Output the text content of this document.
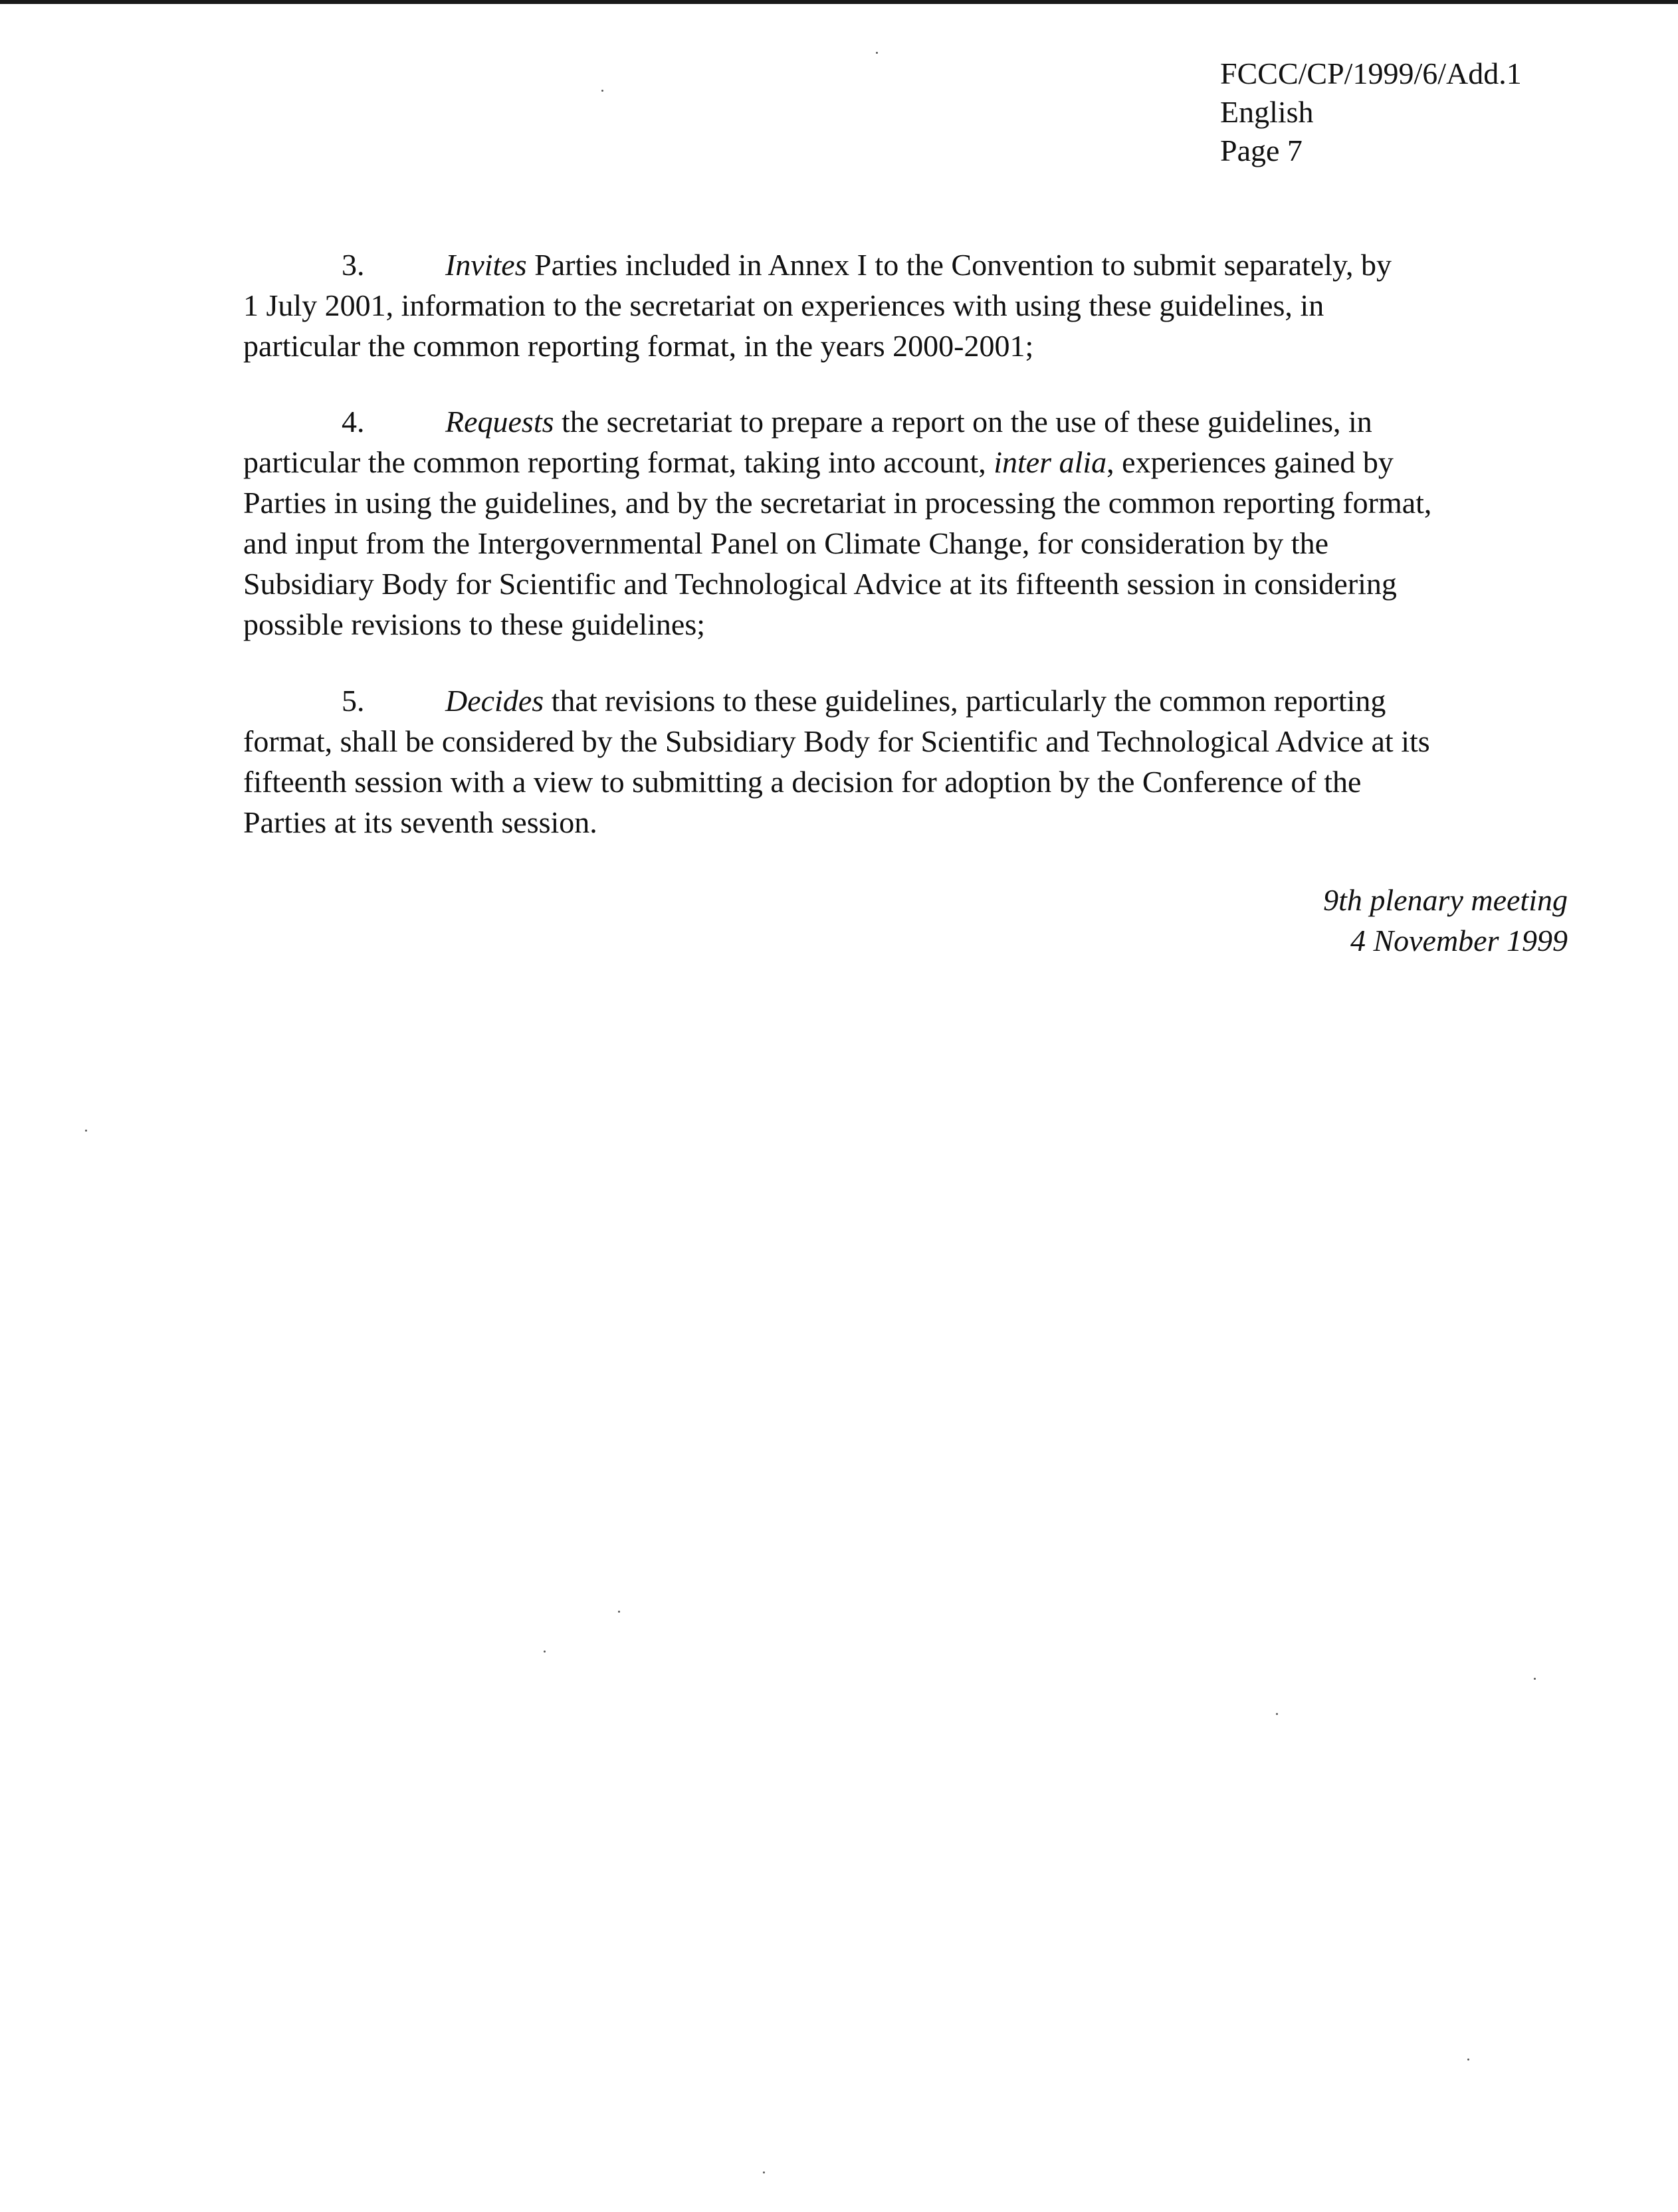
FCCC/CP/1999/6/Add.1
English
Page 7
3.	Invites Parties included in Annex I to the Convention to submit separately, by
1 July 2001, information to the secretariat on experiences with using these guidelines, in
particular the common reporting format, in the years 2000-2001;
4.	Requests the secretariat to prepare a report on the use of these guidelines, in
particular the common reporting format, taking into account, inter alia, experiences gained by
Parties in using the guidelines, and by the secretariat in processing the common reporting format,
and input from the Intergovernmental Panel on Climate Change, for consideration by the
Subsidiary Body for Scientific and Technological Advice at its fifteenth session in considering
possible revisions to these guidelines;
5.	Decides that revisions to these guidelines, particularly the common reporting
format, shall be considered by the Subsidiary Body for Scientific and Technological Advice at its
fifteenth session with a view to submitting a decision for adoption by the Conference of the
Parties at its seventh session.
9th plenary meeting
4 November 1999
